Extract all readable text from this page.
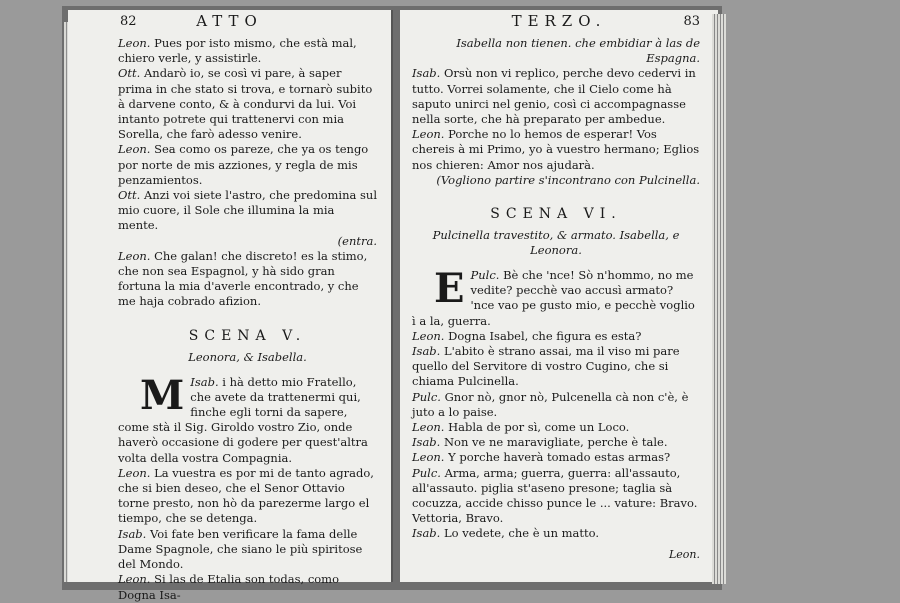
82	ATTO

Leon. Pues por isto mismo, che està mal, chiero verle, y assistirle.

Ott. Andarò io, se così vi pare, à saper prima in che stato si trova, e tornarò subito à darvene conto, & à condurvi da lui. Voi intanto potrete qui trattenervi con mia Sorella, che farò adesso venire.

Leon. Sea como os pareze, che ya os tengo por norte de mis azziones, y regla de mis penzamientos.

Ott. Anzi voi siete l'astro, che predomina sul mio cuore, il Sole che illumina la mia mente.

(entra.

Leon. Che galan! che discreto! es la stimo, che non sea Espagnol, y hà sido gran fortuna la mia d'averle encontrado, y che me haja cobrado afizion.

SCENA V.
Leonora, & Isabella.

Isab.
M	i hà detto mio Fratello, che avete da trattenermi qui, finche egli torni da sapere, come stà il Sig. Giroldo vostro Zio, onde haverò occasione di godere per quest'altra volta della vostra Compagnia.

Leon. La vuestra es por mi de tanto agrado, che si bien deseo, che el Senor Ottavio torne presto, non hò da parezerme largo el tiempo, che se detenga.

Isab. Voi fate ben verificare la fama delle Dame Spagnole, che siano le più spiritose del Mondo.

Leon. Si las de Etalia son todas, como Dogna Isa-

TERZO.	83

Isabella non tienen. che embidiar à las de Espagna.

Isab. Orsù non vi replico, perche devo cedervi in tutto. Vorrei solamente, che il Cielo come hà saputo unirci nel genio, così ci accompagnasse nella sorte, che hà preparato per ambedue.

Leon. Porche no lo hemos de esperar! Vos chereis à mi Primo, yo à vuestro hermano; Eglios nos chieren: Amor nos ajudarà.

(Vogliono partire s'incontrano con Pulcinella.

SCENA VI.
Pulcinella travestito, & armato. Isabella, e Leonora.

Pulc.
E	Bè che 'nce! Sò n'hommo, no me vedite? pecchè vao accusì armato? 'nce vao pe gusto mio, e pecchè voglio ì a la, guerra.

Leon. Dogna Isabel, che figura es esta?

Isab. L'abito è strano assai, ma il viso mi pare quello del Servitore di vostro Cugino, che si chiama Pulcinella.

Pulc. Gnor nò, gnor nò, Pulcenella cà non c'è, è juto a lo paise.

Leon. Habla de por sì, come un Loco.

Isab. Non ve ne maravigliate, perche è tale.

Leon. Y porche haverà tomado estas armas?

Pulc. Arma, arma; guerra, guerra: all'assauto, all'assauto. piglia st'aseno presone; taglia sà cocuzza, accide chisso punce le ... vature: Bravo. Vettoria, Bravo.

Isab. Lo vedete, che è un matto.

Leon.
